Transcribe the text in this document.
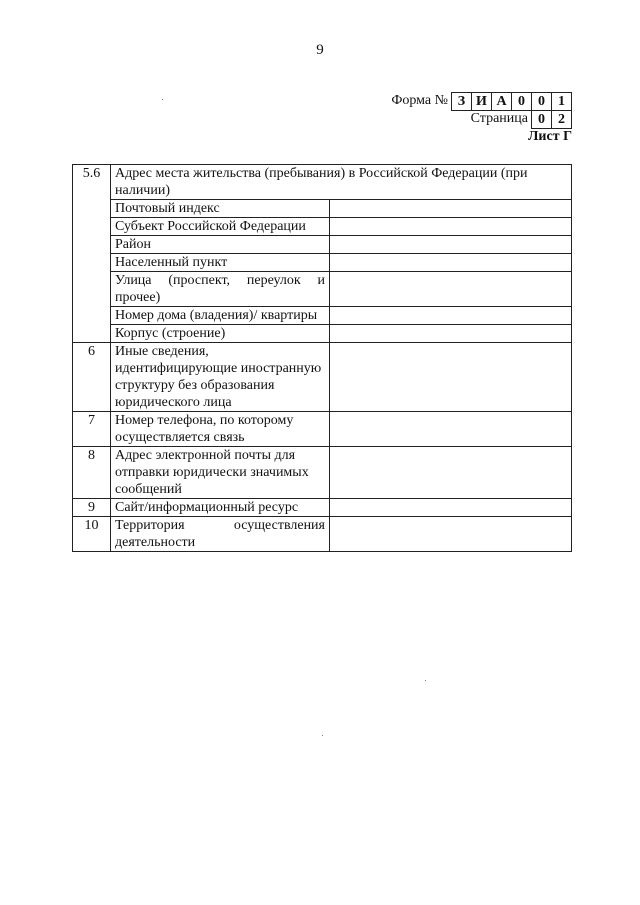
9
Форма № З И А 0 0 1
Страница 0 2
Лист Г
5.6	Адрес места жительства (пребывания) в Российской Федерации (при наличии)	
	Почтовый индекс	
	Субъект Российской Федерации	
	Район	
	Населенный пункт	
	Улица (проспект, переулок и прочее)	
	Номер дома (владения)/ квартиры	
	Корпус (строение)	
6	Иные сведения, идентифицирующие иностранную структуру без образования юридического лица	
7	Номер телефона, по которому осуществляется связь	
8	Адрес электронной почты для отправки юридически значимых сообщений	
9	Сайт/информационный ресурс	
10	Территория осуществления деятельности	
